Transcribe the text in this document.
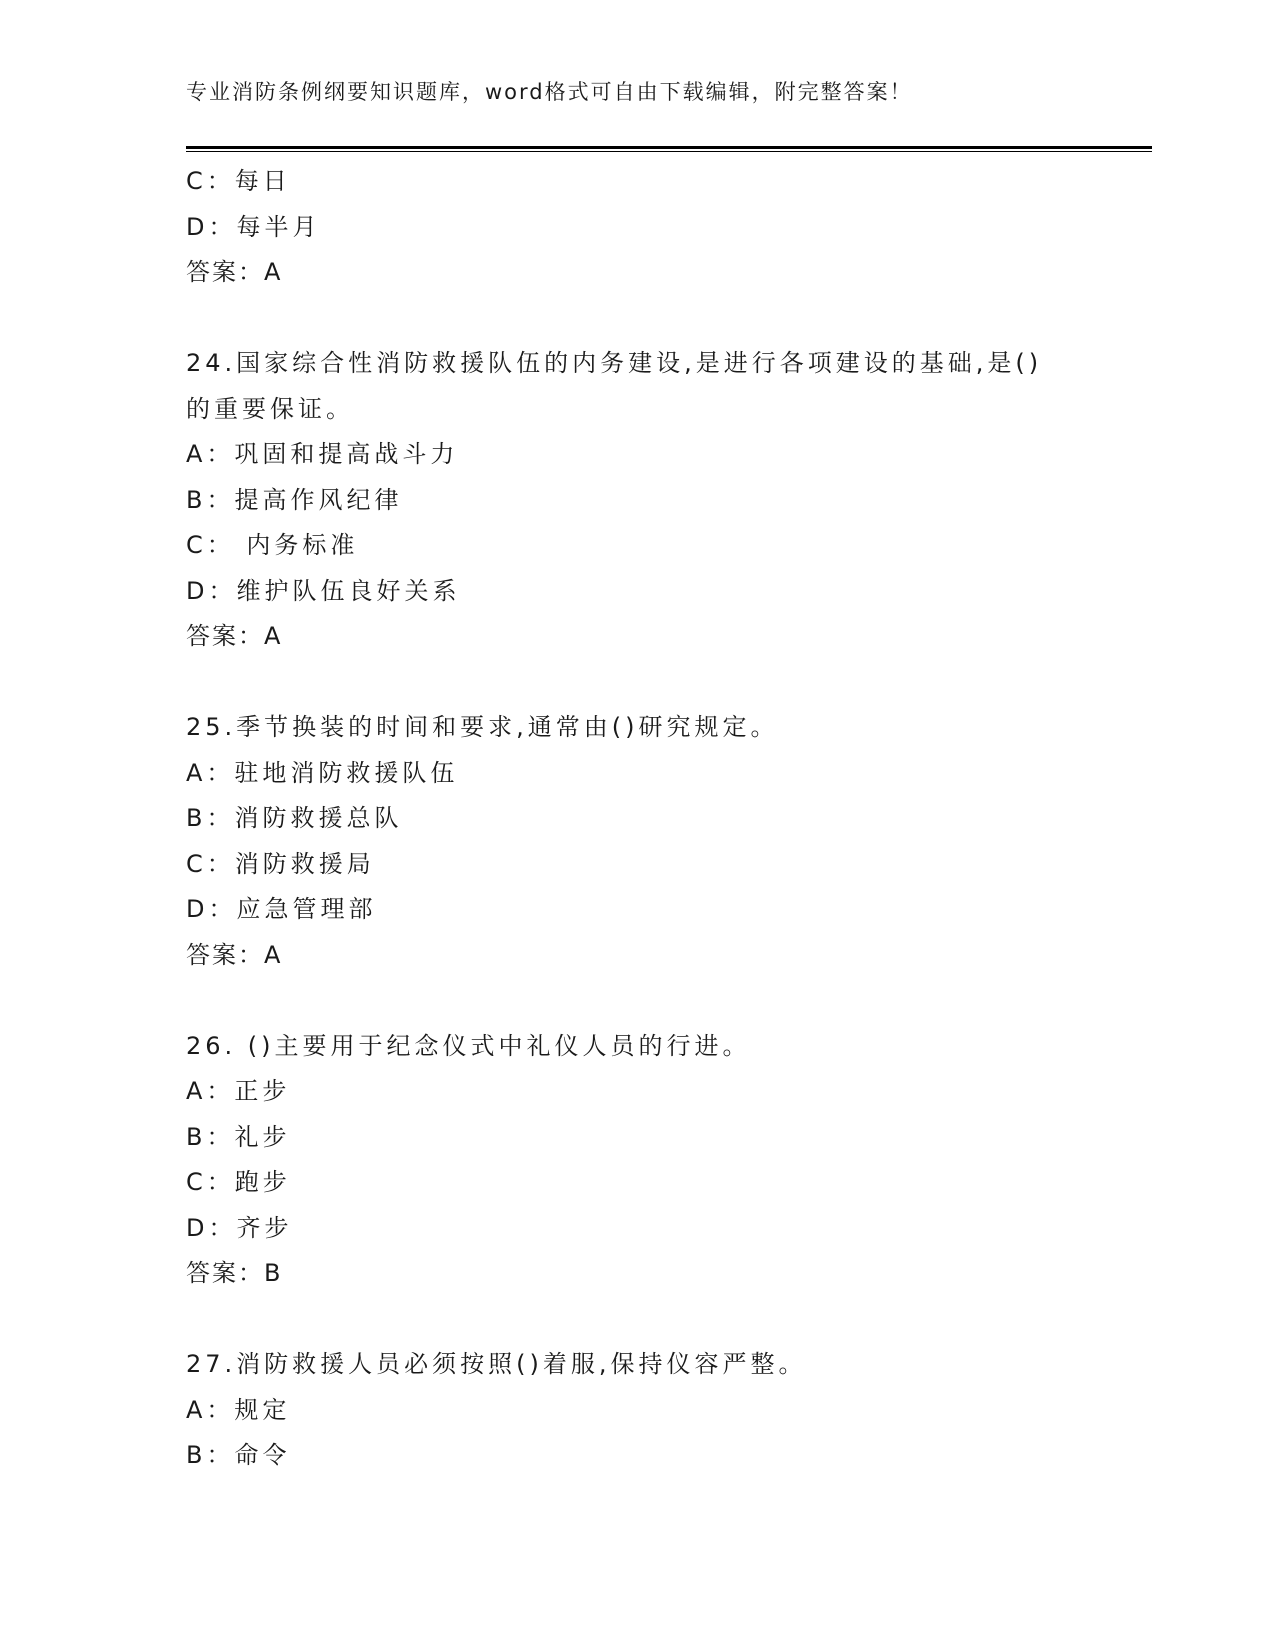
专业消防条例纲要知识题库，word格式可自由下载编辑，附完整答案！
C：每日
D：每半月
答案：A
24.国家综合性消防救援队伍的内务建设,是进行各项建设的基础,是()
的重要保证。
A：巩固和提高战斗力
B：提高作风纪律
C： 内务标准
D：维护队伍良好关系
答案：A
25.季节换装的时间和要求,通常由()研究规定。
A：驻地消防救援队伍
B：消防救援总队
C：消防救援局
D：应急管理部
答案：A
26. ()主要用于纪念仪式中礼仪人员的行进。
A：正步
B：礼步
C：跑步
D：齐步
答案：B
27.消防救援人员必须按照()着服,保持仪容严整。
A：规定
B：命令
